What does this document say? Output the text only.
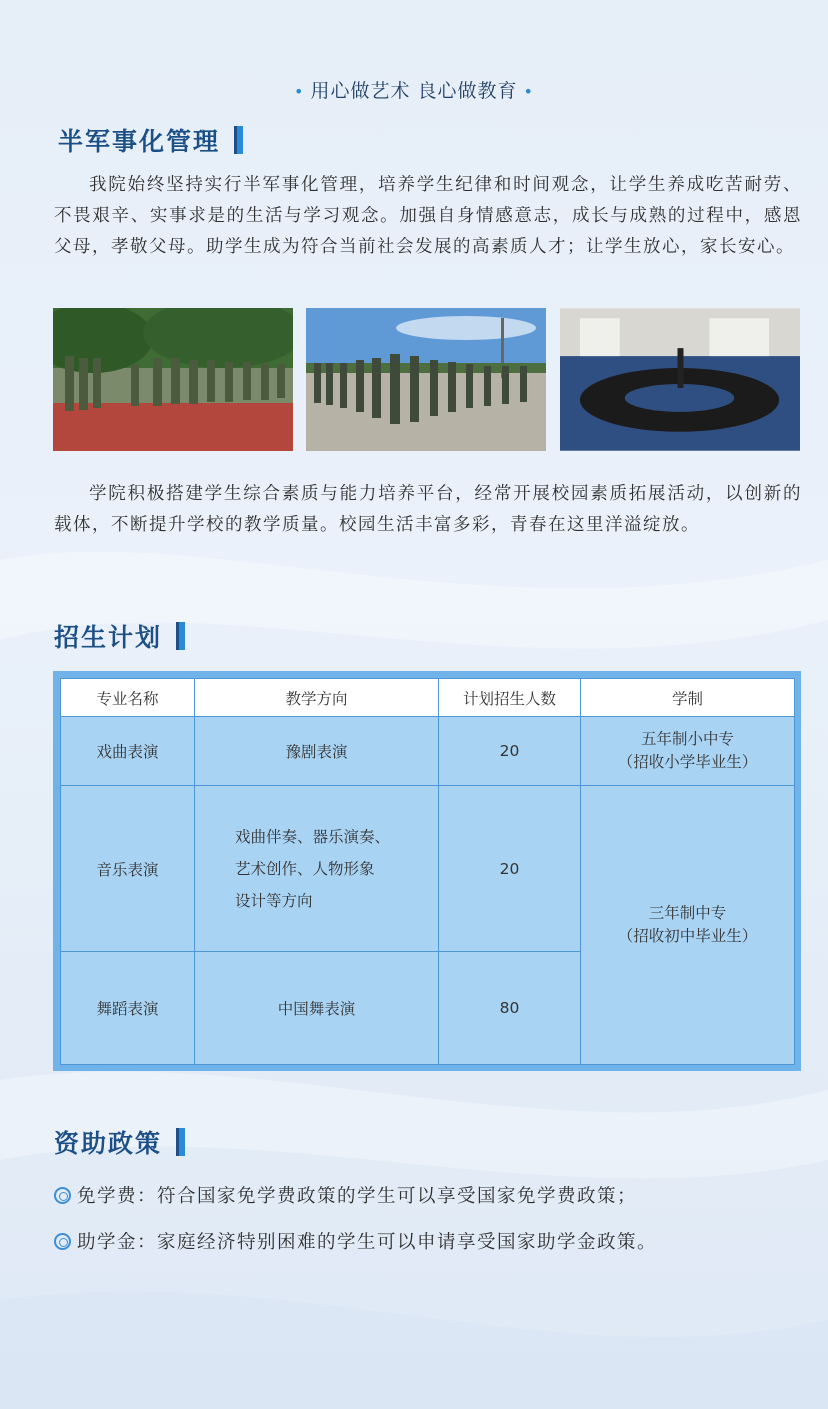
• 用心做艺术 良心做教育 •
半军事化管理

我院始终坚持实行半军事化管理，培养学生纪律和时间观念，让学生养成吃苦耐劳、不畏艰辛、实事求是的生活与学习观念。加强自身情感意志，成长与成熟的过程中，感恩父母，孝敬父母。助学生成为符合当前社会发展的高素质人才；让学生放心，家长安心。

学院积极搭建学生综合素质与能力培养平台，经常开展校园素质拓展活动，以创新的载体，不断提升学校的教学质量。校园生活丰富多彩，青春在这里洋溢绽放。

招生计划
专业名称	教学方向	计划招生人数	学制
戏曲表演	豫剧表演	20	五年制小中专
（招收小学毕业生）

音乐表演	戏曲伴奏、器乐演奏、
艺术创作、人物形象
设计等方向	20	三年制中专
（招收初中毕业生）

舞蹈表演	中国舞表演	80	
资助政策
免学费：符合国家免学费政策的学生可以享受国家免学费政策；
助学金：家庭经济特别困难的学生可以申请享受国家助学金政策。
